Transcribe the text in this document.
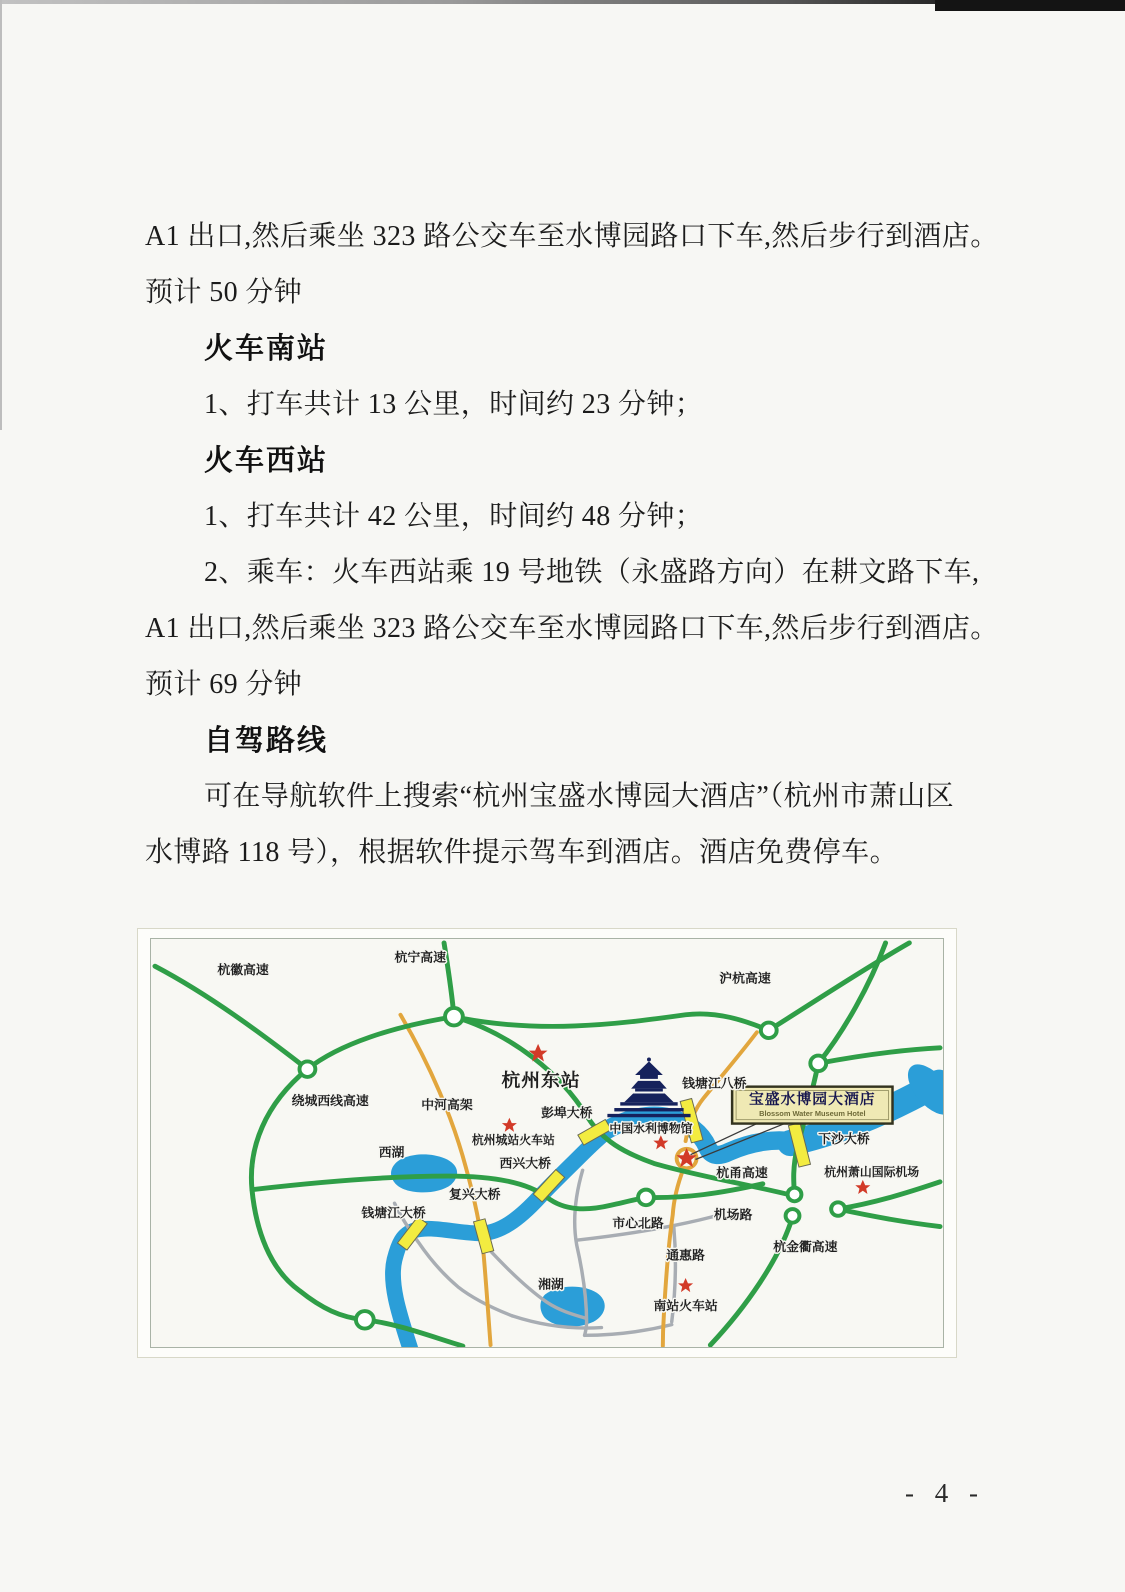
A1 出口,然后乘坐 323 路公交车至水博园路口下车,然后步行到酒店。
预计 50 分钟
火车南站
1、打车共计 13 公里，时间约 23 分钟；
火车西站
1、打车共计 42 公里，时间约 48 分钟；
2、乘车：火车西站乘 19 号地铁（永盛路方向）在耕文路下车,
A1 出口,然后乘坐 323 路公交车至水博园路口下车,然后步行到酒店。
预计 69 分钟
自驾路线
可在导航软件上搜索“杭州宝盛水博园大酒店”（杭州市萧山区
水博路 118 号），根据软件提示驾车到酒店。酒店免费停车。
宝盛水博园大酒店
Blossom Water Museum Hotel
杭徽高速
杭宁高速
沪杭高速
绕城西线高速	中河高架
杭州东站
彭埠大桥
杭州城站火车站
西湖
西兴大桥
复兴大桥
钱塘江大桥
钱塘江八桥
中国水利博物馆
下沙大桥
杭甬高速	杭州萧山国际机场
机场路
市心北路
通惠路
杭金衢高速
湘湖
南站火车站
- 4 -
